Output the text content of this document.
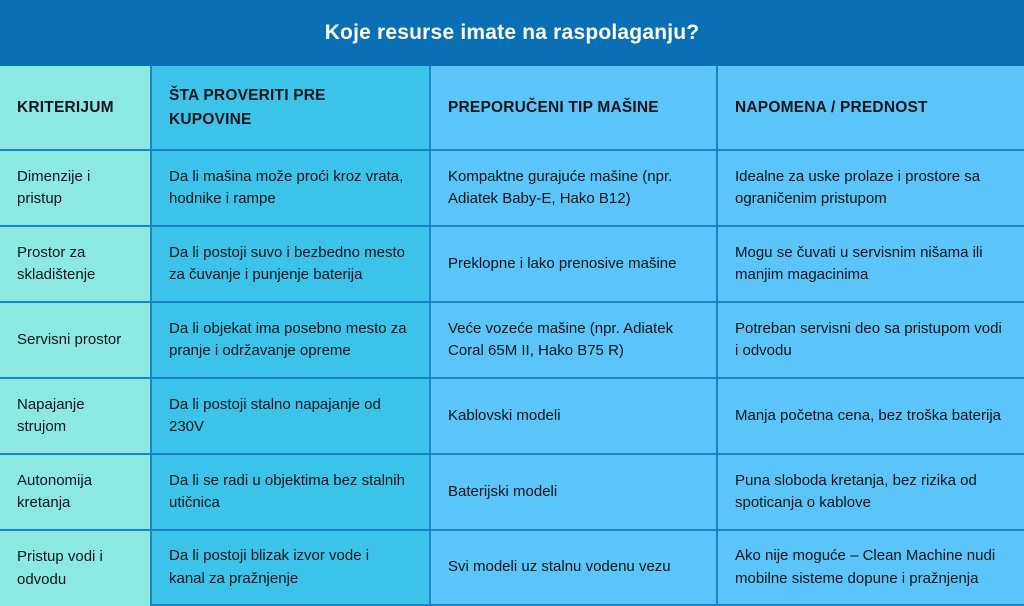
Koje resurse imate na raspolaganju?
KRITERIJUM	ŠTA PROVERITI PRE KUPOVINE	PREPORUČENI TIP MAŠINE	NAPOMENA / PREDNOST
Dimenzije i pristup	Da li mašina može proći kroz vrata, hodnike i rampe	Kompaktne gurajuće mašine (npr. Adiatek Baby-E, Hako B12)	Idealne za uske prolaze i prostore sa ograničenim pristupom
Prostor za skladištenje	Da li postoji suvo i bezbedno mesto za čuvanje i punjenje baterija	Preklopne i lako prenosive mašine	Mogu se čuvati u servisnim nišama ili manjim magacinima
Servisni prostor	Da li objekat ima posebno mesto za pranje i održavanje opreme	Veće vozeće mašine (npr. Adiatek Coral 65M II, Hako B75 R)	Potreban servisni deo sa pristupom vodi i odvodu
Napajanje strujom	Da li postoji stalno napajanje od 230V	Kablovski modeli	Manja početna cena, bez troška baterija
Autonomija kretanja	Da li se radi u objektima bez stalnih utičnica	Baterijski modeli	Puna sloboda kretanja, bez rizika od spoticanja o kablove
Pristup vodi i odvodu	Da li postoji blizak izvor vode i kanal za pražnjenje	Svi modeli uz stalnu vodenu vezu	Ako nije moguće – Clean Machine nudi mobilne sisteme dopune i pražnjenja
